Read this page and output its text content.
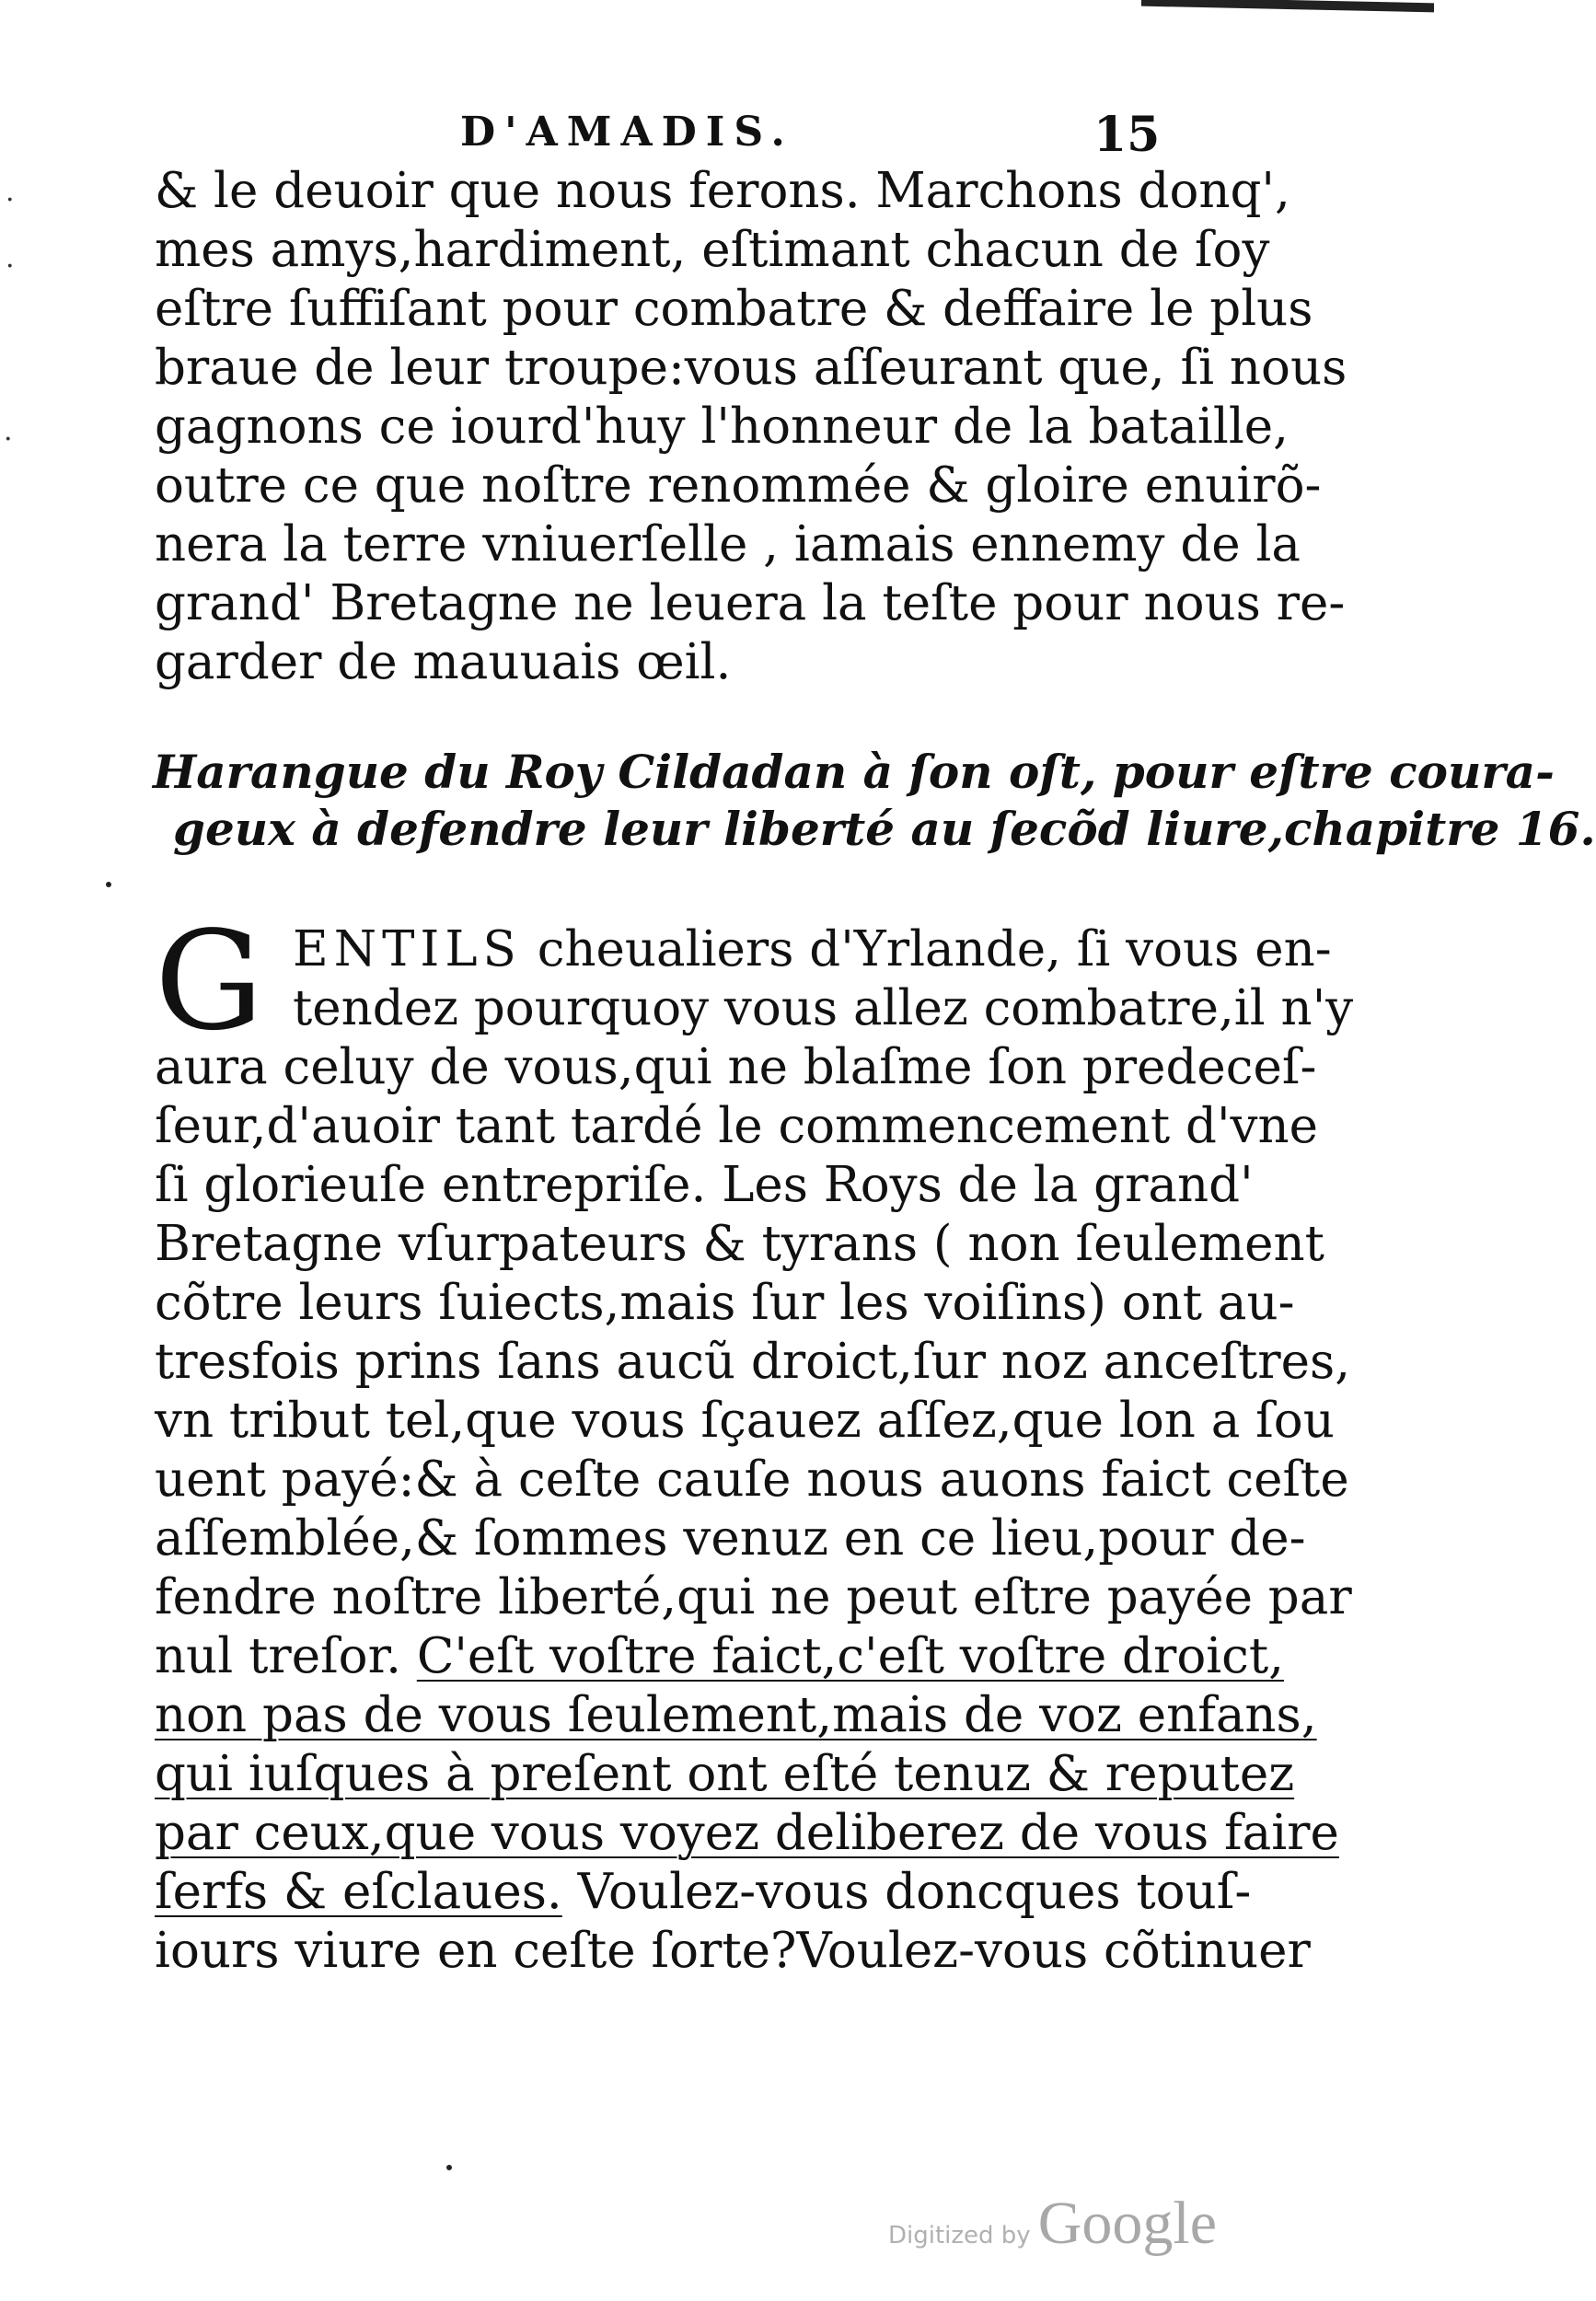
D'AMADIS.	15
·
·
·
& le deuoir que nous ferons. Marchons donq',
mes amys,hardiment, eſtimant chacun de ſoy
eſtre ſuffiſant pour combatre & deffaire le plus
braue de leur troupe:vous aſſeurant que, ſi nous
gagnons ce iourd'huy l'honneur de la bataille,
outre ce que noſtre renommée & gloire enuirõ-
nera la terre vniuerſelle , iamais ennemy de la
grand' Bretagne ne leuera la teſte pour nous re-
garder de mauuais œil.
Harangue du Roy Cildadan à ſon oſt, pour eſtre coura-
geux à defendre leur liberté au ſecõd liure,chapitre 16.
G ENTILS cheualiers d'Yrlande, ſi vous en-
tendez pourquoy vous allez combatre,il n'y
aura celuy de vous,qui ne blaſme ſon predeceſ-
ſeur,d'auoir tant tardé le commencement d'vne
ſi glorieuſe entrepriſe. Les Roys de la grand'
Bretagne vſurpateurs & tyrans ( non ſeulement
cõtre leurs ſuiects,mais ſur les voiſins) ont au-
tresfois prins ſans aucũ droict,ſur noz anceſtres,
vn tribut tel,que vous ſçauez aſſez,que lon a ſou
uent payé:& à ceſte cauſe nous auons faict ceſte
aſſemblée,& ſommes venuz en ce lieu,pour de-
fendre noſtre liberté,qui ne peut eſtre payée par
nul treſor. C'eſt voſtre faict,c'eſt voſtre droict,
non pas de vous ſeulement,mais de voz enfans,
qui iuſques à preſent ont eſté tenuz & reputez
par ceux,que vous voyez deliberez de vous faire
ſerfs & eſclaues. Voulez-vous doncques touſ-
iours viure en ceſte ſorte?Voulez-vous cõtinuer
Digitized by Google
